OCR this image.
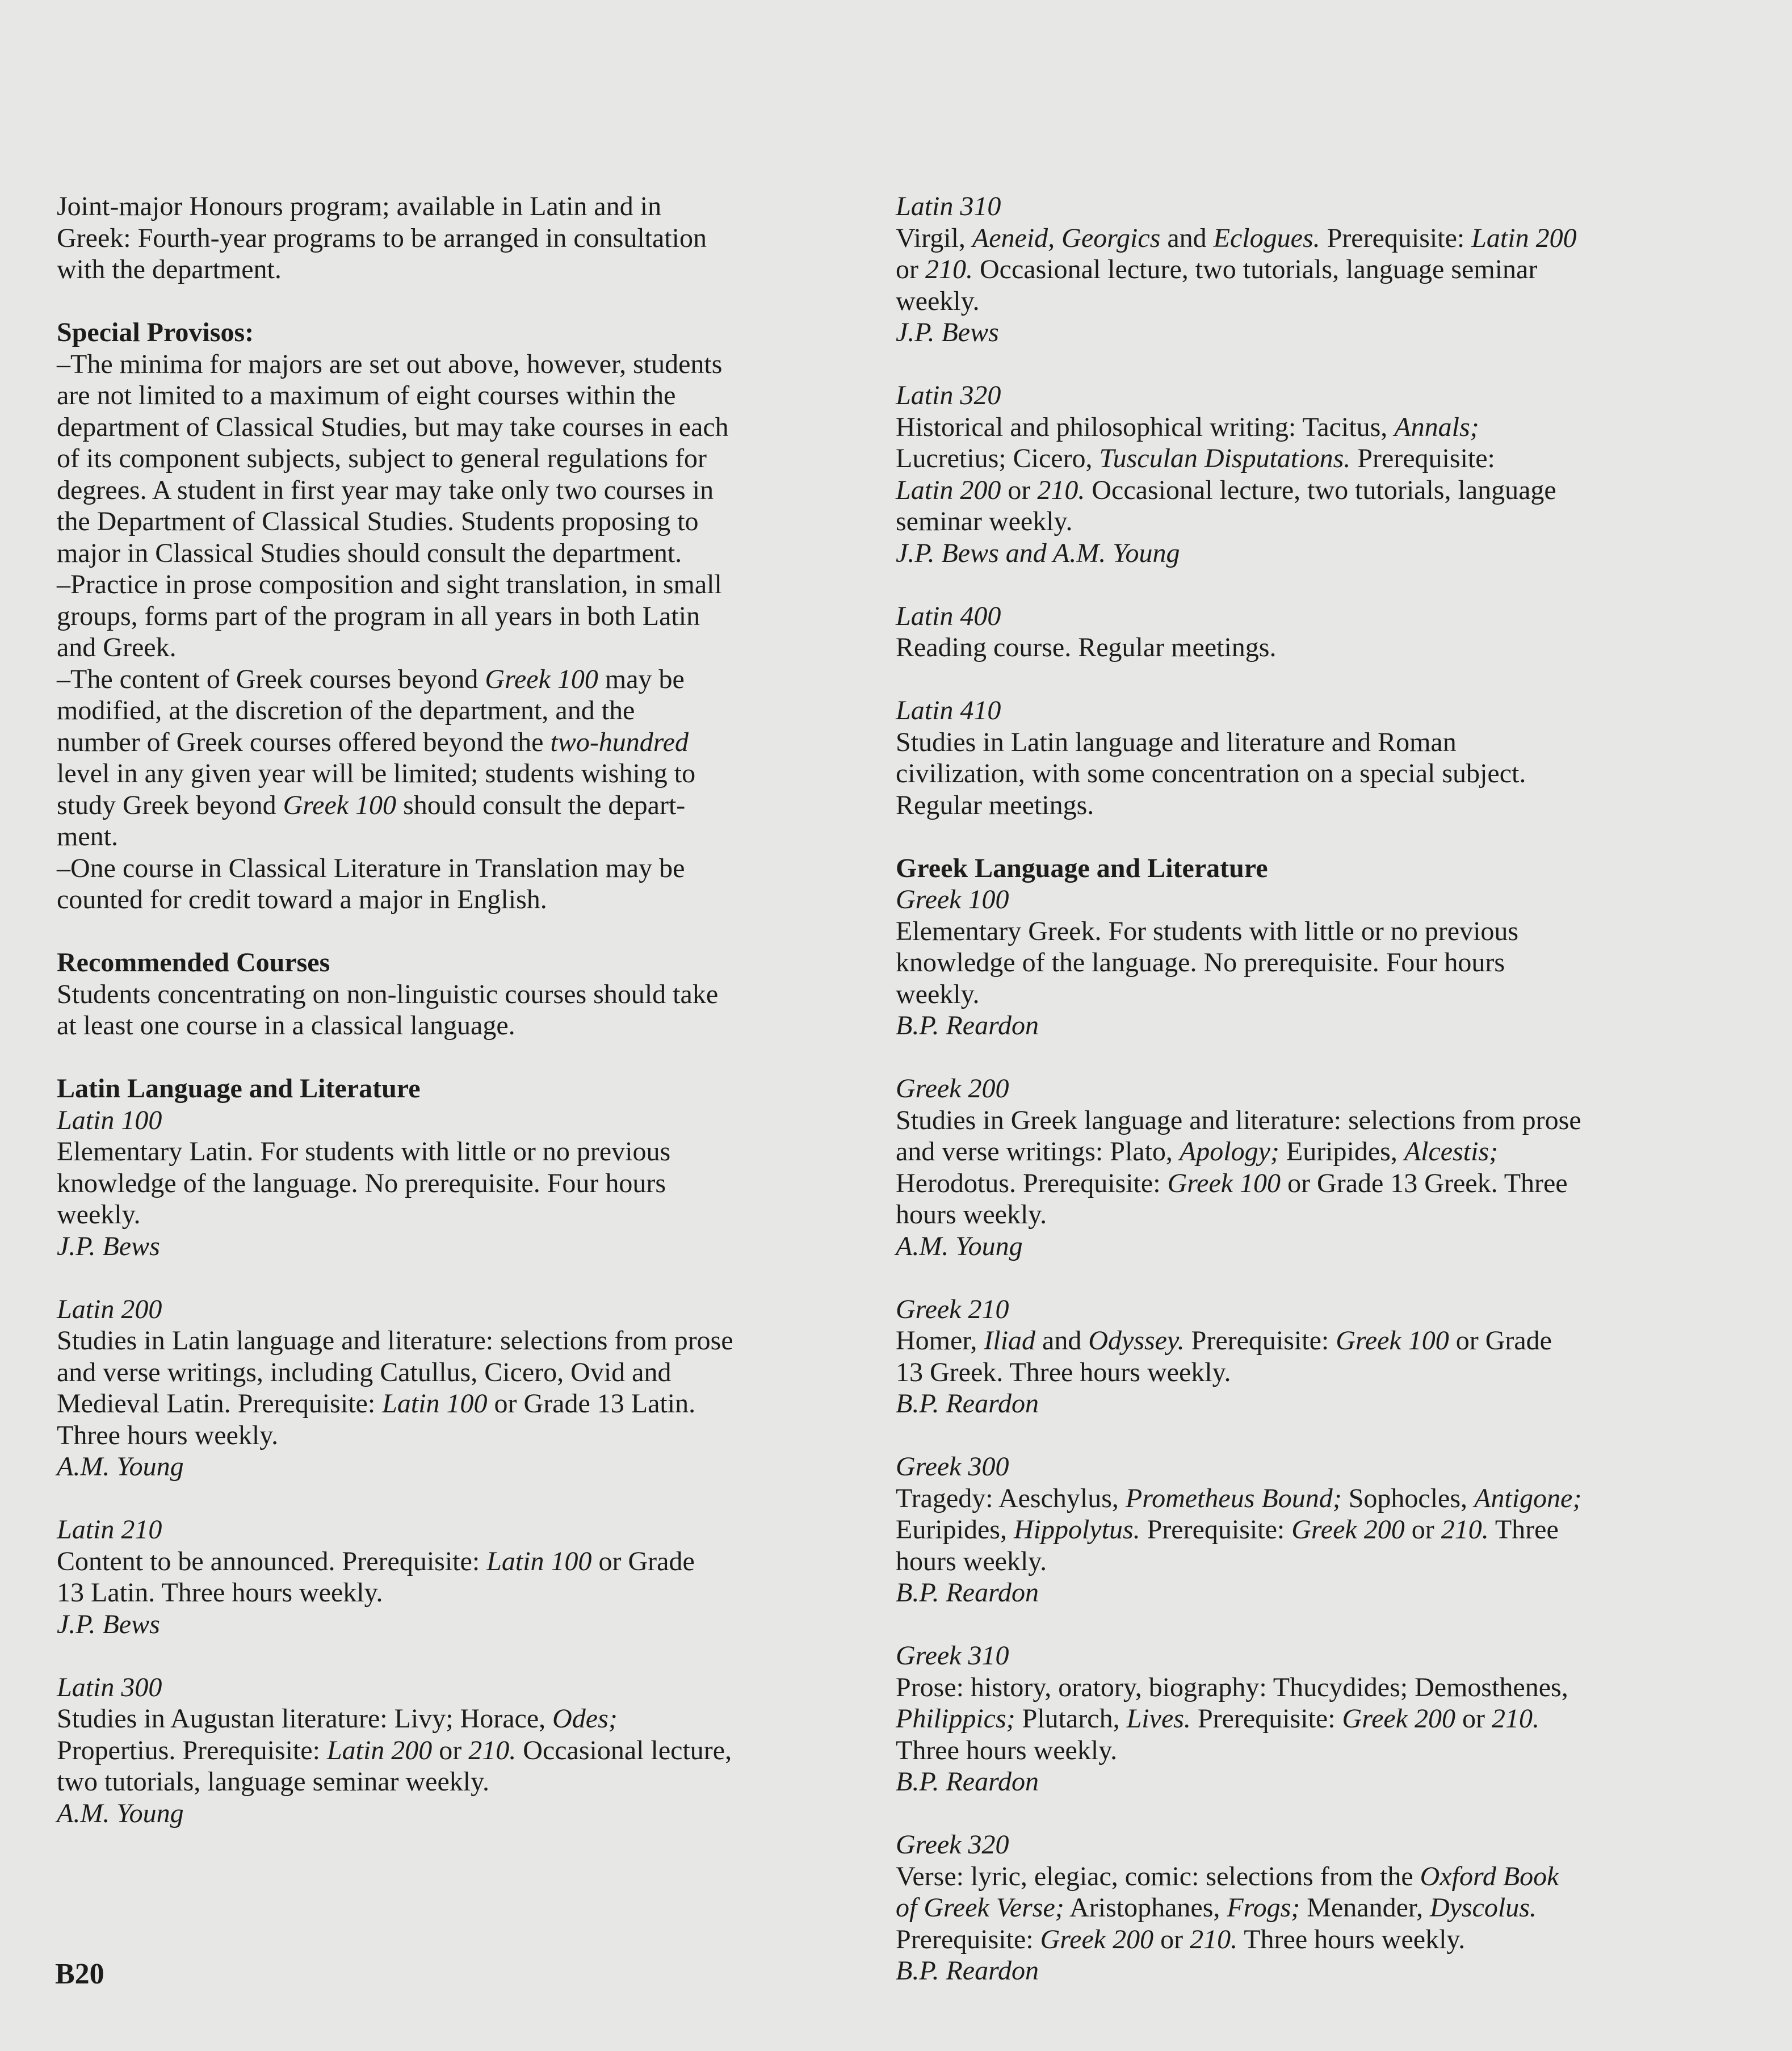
Joint-major Honours program; available in Latin and in
Greek: Fourth-year programs to be arranged in consultation
with the department.
Special Provisos:
–The minima for majors are set out above, however, students
are not limited to a maximum of eight courses within the
department of Classical Studies, but may take courses in each
of its component subjects, subject to general regulations for
degrees. A student in first year may take only two courses in
the Department of Classical Studies. Students proposing to
major in Classical Studies should consult the department.
–Practice in prose composition and sight translation, in small
groups, forms part of the program in all years in both Latin
and Greek.
–The content of Greek courses beyond Greek 100 may be
modified, at the discretion of the department, and the
number of Greek courses offered beyond the two-hundred
level in any given year will be limited; students wishing to
study Greek beyond Greek 100 should consult the depart-
ment.
–One course in Classical Literature in Translation may be
counted for credit toward a major in English.
Recommended Courses
Students concentrating on non-linguistic courses should take
at least one course in a classical language.
Latin Language and Literature
Latin 100
Elementary Latin. For students with little or no previous
knowledge of the language. No prerequisite. Four hours
weekly.
J.P. Bews
Latin 200
Studies in Latin language and literature: selections from prose
and verse writings, including Catullus, Cicero, Ovid and
Medieval Latin. Prerequisite: Latin 100 or Grade 13 Latin.
Three hours weekly.
A.M. Young
Latin 210
Content to be announced. Prerequisite: Latin 100 or Grade
13 Latin. Three hours weekly.
J.P. Bews
Latin 300
Studies in Augustan literature: Livy; Horace, Odes;
Propertius. Prerequisite: Latin 200 or 210. Occasional lecture,
two tutorials, language seminar weekly.
A.M. Young
Latin 310
Virgil, Aeneid, Georgics and Eclogues. Prerequisite: Latin 200
or 210. Occasional lecture, two tutorials, language seminar
weekly.
J.P. Bews
Latin 320
Historical and philosophical writing: Tacitus, Annals;
Lucretius; Cicero, Tusculan Disputations. Prerequisite:
Latin 200 or 210. Occasional lecture, two tutorials, language
seminar weekly.
J.P. Bews and A.M. Young
Latin 400
Reading course. Regular meetings.
Latin 410
Studies in Latin language and literature and Roman
civilization, with some concentration on a special subject.
Regular meetings.
Greek Language and Literature
Greek 100
Elementary Greek. For students with little or no previous
knowledge of the language. No prerequisite. Four hours
weekly.
B.P. Reardon
Greek 200
Studies in Greek language and literature: selections from prose
and verse writings: Plato, Apology; Euripides, Alcestis;
Herodotus. Prerequisite: Greek 100 or Grade 13 Greek. Three
hours weekly.
A.M. Young
Greek 210
Homer, Iliad and Odyssey. Prerequisite: Greek 100 or Grade
13 Greek. Three hours weekly.
B.P. Reardon
Greek 300
Tragedy: Aeschylus, Prometheus Bound; Sophocles, Antigone;
Euripides, Hippolytus. Prerequisite: Greek 200 or 210. Three
hours weekly.
B.P. Reardon
Greek 310
Prose: history, oratory, biography: Thucydides; Demosthenes,
Philippics; Plutarch, Lives. Prerequisite: Greek 200 or 210.
Three hours weekly.
B.P. Reardon
Greek 320
Verse: lyric, elegiac, comic: selections from the Oxford Book
of Greek Verse; Aristophanes, Frogs; Menander, Dyscolus.
Prerequisite: Greek 200 or 210. Three hours weekly.
B.P. Reardon
B20
